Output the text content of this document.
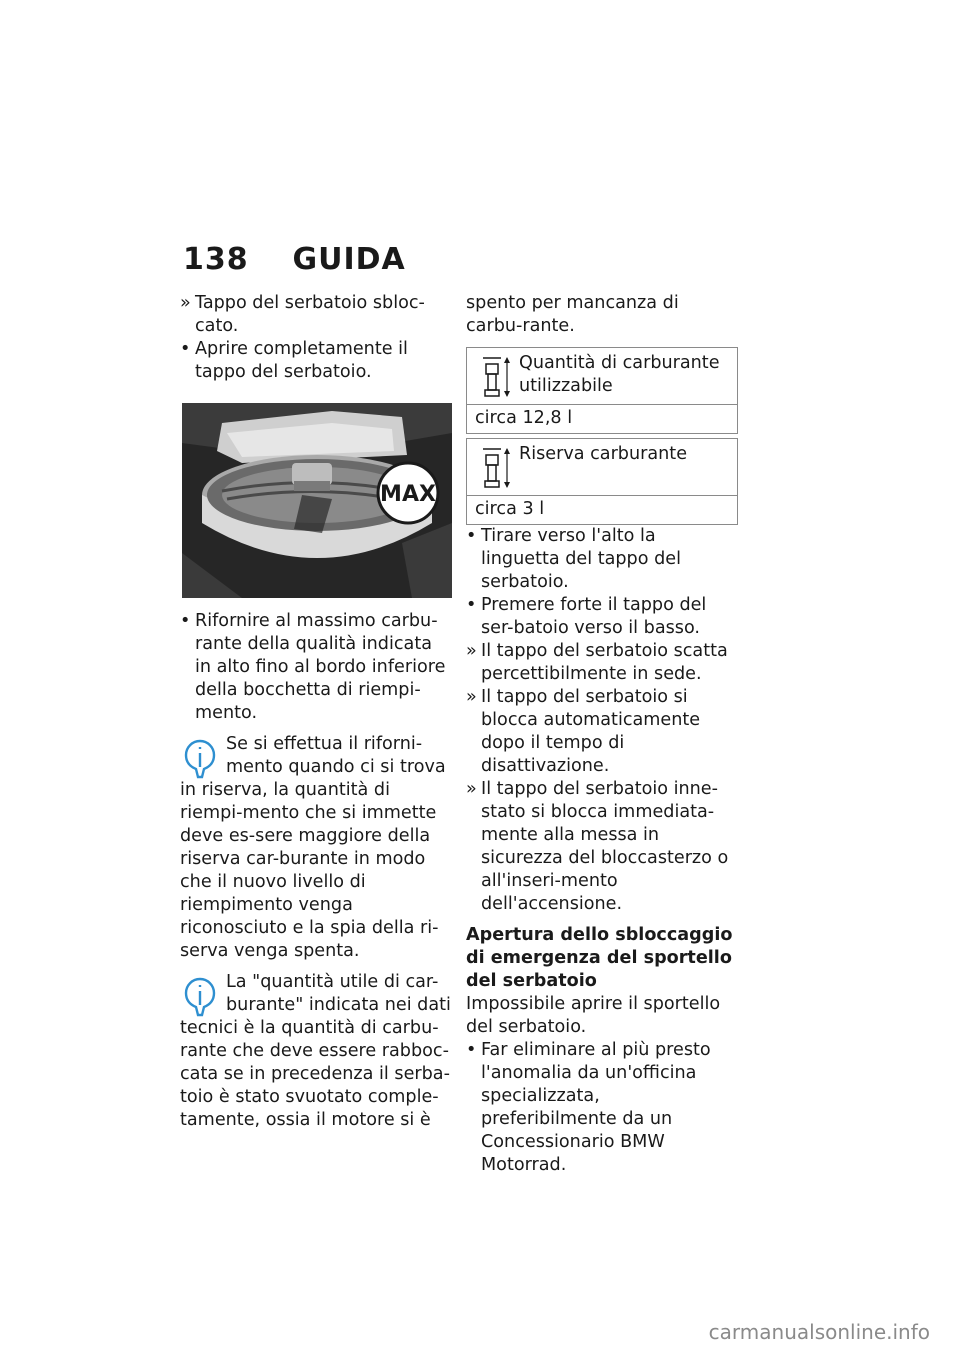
138 GUIDA
» Tappo del serbatoio sbloc-cato.
• Aprire completamente il tappo del serbatoio.
MAX
• Rifornire al massimo carbu-rante della qualità indicata in alto fino al bordo inferiore della bocchetta di riempi-mento.

Se si effettua il riforni-mento quando ci si trova in riserva, la quantità di riempi-mento che si immette deve es-sere maggiore della riserva car-burante in modo che il nuovo livello di riempimento venga riconosciuto e la spia della ri-serva venga spenta.

La "quantità utile di car-burante" indicata nei dati tecnici è la quantità di carbu-rante che deve essere rabboc-cata se in precedenza il serba-toio è stato svuotato comple-tamente, ossia il motore si è

spento per mancanza di carbu-rante.

Quantità di carburante utilizzabile
circa 12,8 l
Riserva carburante
circa 3 l
• Tirare verso l'alto la linguetta del tappo del serbatoio.
• Premere forte il tappo del ser-batoio verso il basso.
» Il tappo del serbatoio scatta percettibilmente in sede.
» Il tappo del serbatoio si blocca automaticamente dopo il tempo di disattivazione.
» Il tappo del serbatoio inne-stato si blocca immediata-mente alla messa in sicurezza del bloccasterzo o all'inseri-mento dell'accensione.
Apertura dello sbloccaggio di emergenza del sportello del serbatoio

Impossibile aprire il sportello del serbatoio.

• Far eliminare al più presto l'anomalia da un'officina specializzata, preferibilmente da un Concessionario BMW Motorrad.
carmanualsonline.info
